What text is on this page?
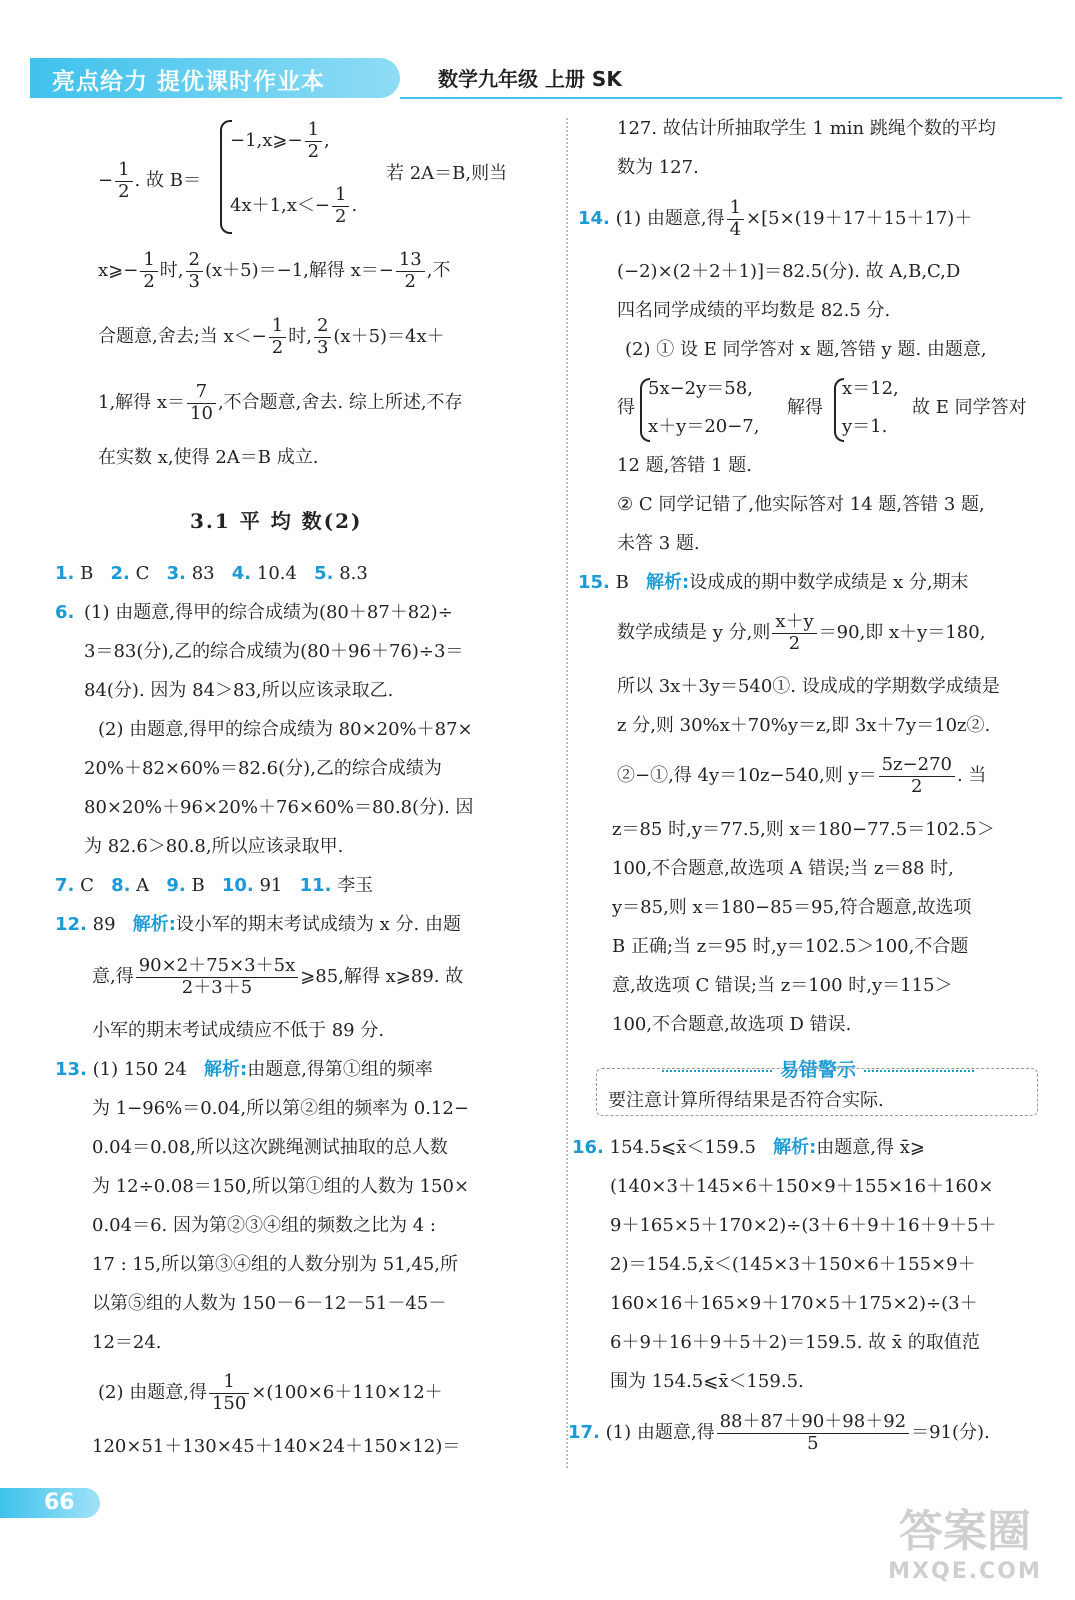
亮点给力 提优课时作业本	数学九年级 上册 SK
− $\frac{1}{2}$ . 故 B＝
−1,x⩾− $\frac{1}{2}$ ,
若 2A＝B,则当
$4x+1,x<- \frac{1}{2}$ .
x⩾− $\frac{1}{2}$ 时, $\frac{2}{3} (x+5)=-1$,解得 $x=- \frac{13}{2}$ ,不
合题意,舍去;当 $x<- \frac{1}{2}$ 时, $\frac{2}{3} (x+5)=4x+$
1,解得 $x= \frac{7}{10}$ ,不合题意,舍去. 综上所述,不存
在实数 x,使得 2A＝B 成立.
3.1 平 均 数(2)
1. B 2. C 3. 83 4. 10.4 5. 8.3
6. (1) 由题意,得甲的综合成绩为(80＋87＋82)÷
3＝83(分),乙的综合成绩为(80＋96＋76)÷3＝
84(分). 因为 84＞83,所以应该录取乙.
(2) 由题意,得甲的综合成绩为 80×20%＋87×
20%＋82×60%＝82.6(分),乙的综合成绩为
80×20%＋96×20%＋76×60%＝80.8(分). 因
为 82.6＞80.8,所以应该录取甲.
7. C 8. A 9. B 10. 91 11. 李玉
12. 89 解析:设小军的期末考试成绩为 x 分. 由题
意,得 $\frac{90\times 2+75\times 3+5x}{2+3+5}$ ⩾85,解得 x⩾89. 故
小军的期末考试成绩应不低于 89 分.
13. (1) 150 24 解析:由题意,得第①组的频率
为 1−96%＝0.04,所以第②组的频率为 0.12−
0.04＝0.08,所以这次跳绳测试抽取的总人数
为 12÷0.08＝150,所以第①组的人数为 150×
0.04＝6. 因为第②③④组的频数之比为 4 :
17 : 15,所以第③④组的人数分别为 51,45,所
以第⑤组的人数为 150－6－12－51－45－
12＝24.
(2) 由题意,得 $\frac{1}{150} \times(100\times 6+110\times 12+$
120×51＋130×45＋140×24＋150×12)＝
127. 故估计所抽取学生 1 min 跳绳个数的平均
数为 127.
14. (1) 由题意,得 $\frac{1}{4} \times[5\times(19+17+15+17)+$
(−2)×(2＋2＋1)]＝82.5(分). 故 A,B,C,D
四名同学成绩的平均数是 82.5 分.
(2) ① 设 E 同学答对 x 题,答错 y 题. 由题意,
得
5x−2y＝58,
x＋y＝20−7,
解得
x＝12,
y＝1.
故 E 同学答对
12 题,答错 1 题.
② C 同学记错了,他实际答对 14 题,答错 3 题,
未答 3 题.
15. B 解析:设成成的期中数学成绩是 x 分,期末
数学成绩是 y 分,则 $\frac{x+y}{2} =90$,即 x＋y＝180,
所以 3x＋3y＝540①. 设成成的学期数学成绩是
z 分,则 30%x＋70%y＝z,即 3x＋7y＝10z②.
②−①,得 4y＝10z−540,则 $y= \frac{5z-270}{2}$ . 当
z＝85 时,y＝77.5,则 x＝180−77.5＝102.5＞
100,不合题意,故选项 A 错误;当 z＝88 时,
y＝85,则 x＝180−85＝95,符合题意,故选项
B 正确;当 z＝95 时,y＝102.5＞100,不合题
意,故选项 C 错误;当 z＝100 时,y＝115＞
100,不合题意,故选项 D 错误.
易错警示
要注意计算所得结果是否符合实际.
16. 154.5⩽x̄＜159.5 解析:由题意,得 x̄⩾
(140×3＋145×6＋150×9＋155×16＋160×
9＋165×5＋170×2)÷(3＋6＋9＋16＋9＋5＋
2)＝154.5,x̄＜(145×3＋150×6＋155×9＋
160×16＋165×9＋170×5＋175×2)÷(3＋
6＋9＋16＋9＋5＋2)＝159.5. 故 x̄ 的取值范
围为 154.5⩽x̄＜159.5.
17. (1) 由题意,得 $\frac{88+87+90+98+92}{5} =91$(分).
66
答案圈
MXQE.COM
